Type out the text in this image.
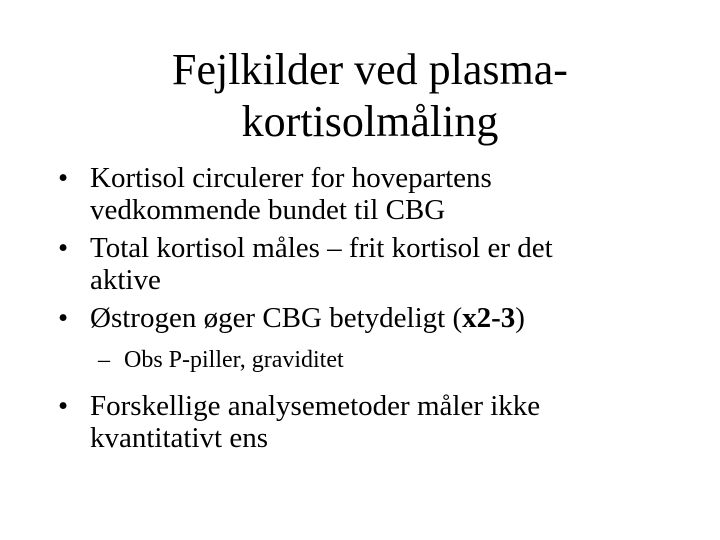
Fejlkilder ved plasma-
kortisolmåling
• Kortisol circulerer for hovepartens
vedkommende bundet til CBG
• Total kortisol måles – frit kortisol er det
aktive
• Østrogen øger CBG betydeligt (x2-3)
– Obs P-piller, graviditet
• Forskellige analysemetoder måler ikke
kvantitativt ens
